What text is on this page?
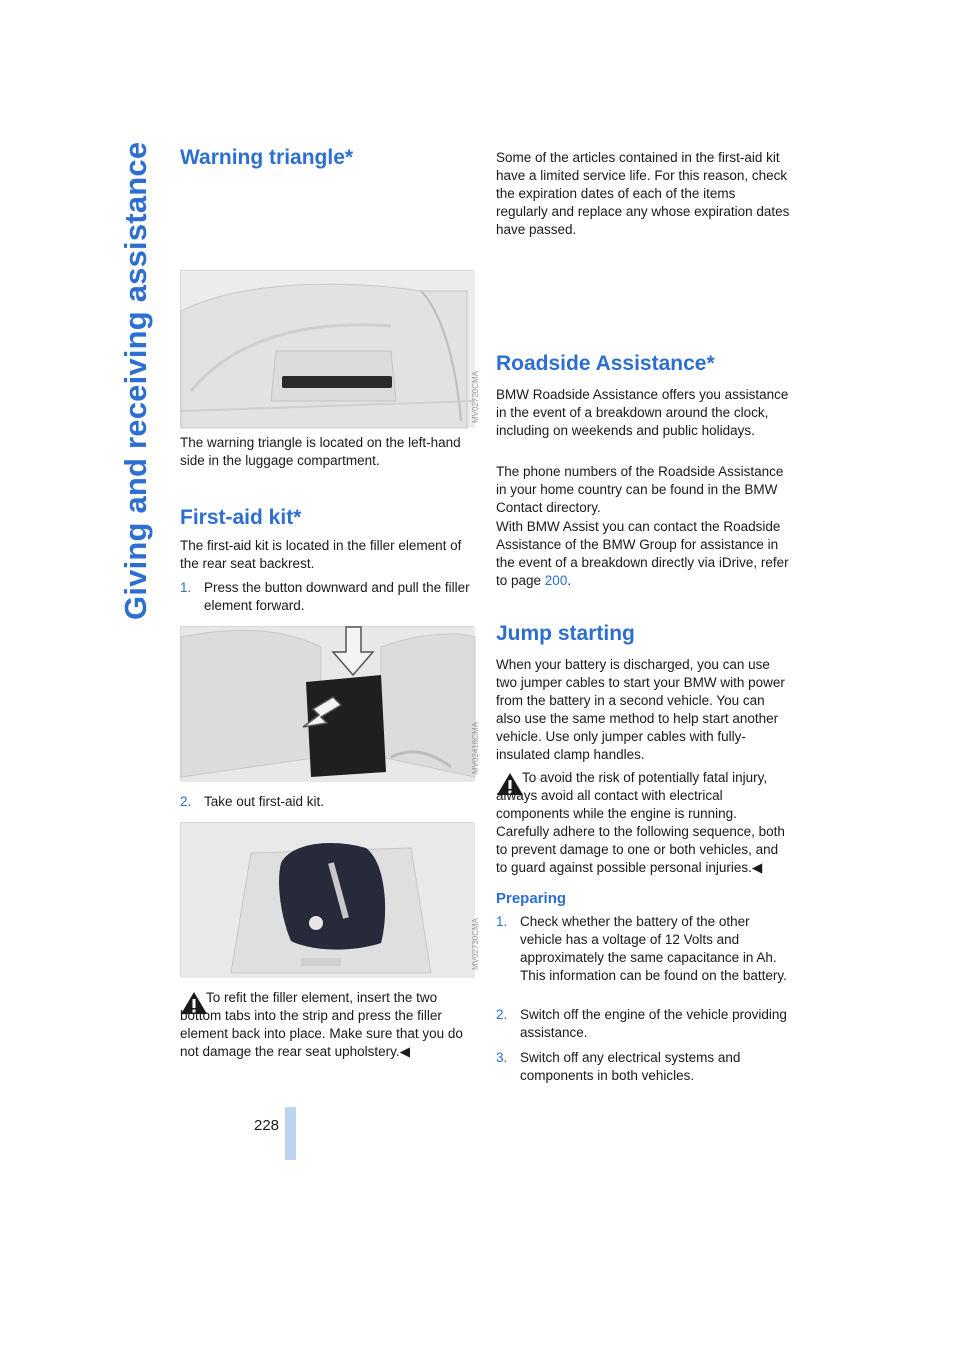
Giving and receiving assistance
228
Warning triangle*
MV02720CMA

The warning triangle is located on the left-hand side in the luggage compartment.

First-aid kit*

The first-aid kit is located in the filler element of the rear seat backrest.

1. Press the button downward and pull the filler element forward.
MV02418CMA
2. Take out first-aid kit.
MV02730CMA

To refit the filler element, insert the two bottom tabs into the strip and press the filler element back into place. Make sure that you do not damage the rear seat upholstery.◀

Some of the articles contained in the first-aid kit have a limited service life. For this reason, check the expiration dates of each of the items regularly and replace any whose expiration dates have passed.

Roadside Assistance*

BMW Roadside Assistance offers you assistance in the event of a breakdown around the clock, including on weekends and public holidays.

The phone numbers of the Roadside Assistance in your home country can be found in the BMW Contact directory.

With BMW Assist you can contact the Roadside Assistance of the BMW Group for assistance in the event of a breakdown directly via iDrive, refer to page 200.

Jump starting

When your battery is discharged, you can use two jumper cables to start your BMW with power from the battery in a second vehicle. You can also use the same method to help start another vehicle. Use only jumper cables with fully-insulated clamp handles.

To avoid the risk of potentially fatal injury, always avoid all contact with electrical components while the engine is running. Carefully adhere to the following sequence, both to prevent damage to one or both vehicles, and to guard against possible personal injuries.◀

Preparing
1. Check whether the battery of the other vehicle has a voltage of 12 Volts and approximately the same capacitance in Ah. This information can be found on the battery.
2. Switch off the engine of the vehicle providing assistance.
3. Switch off any electrical systems and components in both vehicles.
